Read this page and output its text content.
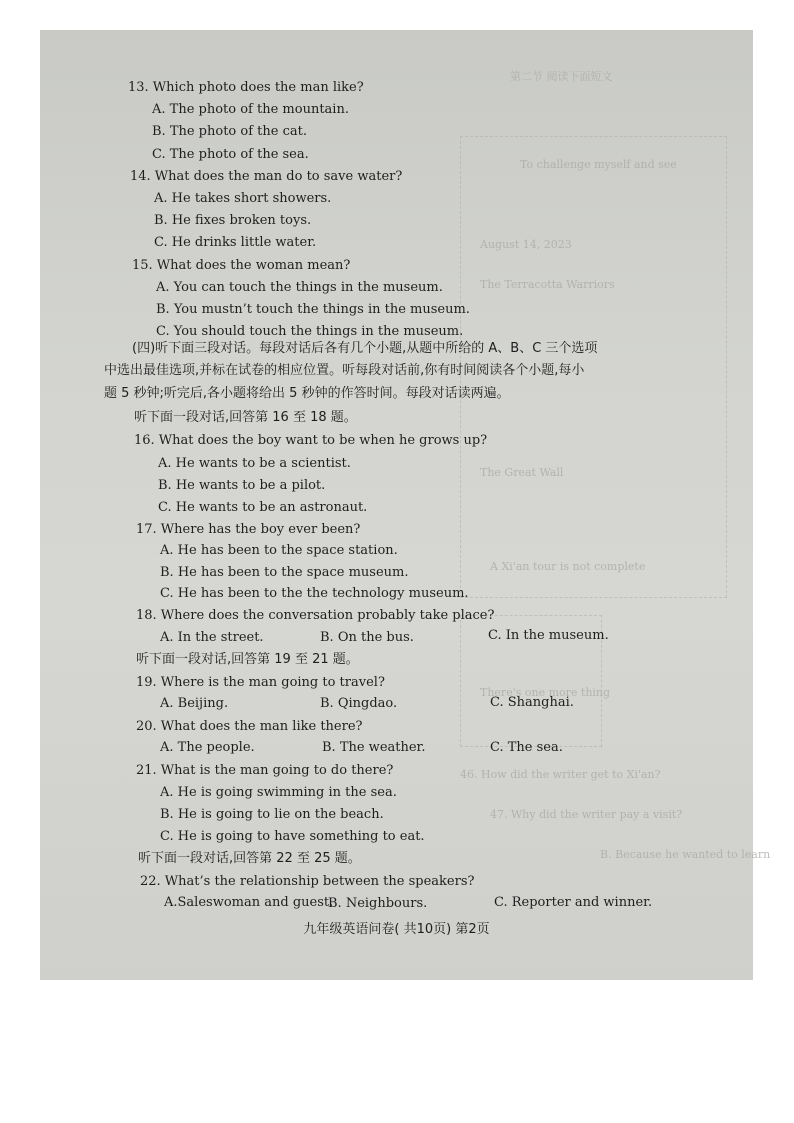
第二节 阅读下面短文
To challenge myself and see
August 14, 2023
The Terracotta Warriors
The Great Wall
A Xi'an tour is not complete
There's one more thing
46. How did the writer get to Xi'an?
47. Why did the writer pay a visit?
B. Because he wanted to learn
13. Which photo does the man like?
A. The photo of the mountain.
B. The photo of the cat.
C. The photo of the sea.
14. What does the man do to save water?
A. He takes short showers.
B. He fixes broken toys.
C. He drinks little water.
15. What does the woman mean?
A. You can touch the things in the museum.
B. You mustn’t touch the things in the museum.
C. You should touch the things in the museum.
(四)听下面三段对话。每段对话后各有几个小题,从题中所给的 A、B、C 三个选项
中选出最佳选项,并标在试卷的相应位置。听每段对话前,你有时间阅读各个小题,每小
题 5 秒钟;听完后,各小题将给出 5 秒钟的作答时间。每段对话读两遍。
听下面一段对话,回答第 16 至 18 题。
16. What does the boy want to be when he grows up?
A. He wants to be a scientist.
B. He wants to be a pilot.
C. He wants to be an astronaut.
17. Where has the boy ever been?
A. He has been to the space station.
B. He has been to the space museum.
C. He has been to the the technology museum.
18. Where does the conversation probably take place?
A. In the street.	B. On the bus.	C. In the museum.
听下面一段对话,回答第 19 至 21 题。
19. Where is the man going to travel?
A. Beijing.	B. Qingdao.	C. Shanghai.
20. What does the man like there?
A. The people.	B. The weather.	C. The sea.
21. What is the man going to do there?
A. He is going swimming in the sea.
B. He is going to lie on the beach.
C. He is going to have something to eat.
听下面一段对话,回答第 22 至 25 题。
22. What’s the relationship between the speakers?
A.Saleswoman and guest.
B. Neighbours.	C. Reporter and winner.
九年级英语问卷( 共10页) 第2页
